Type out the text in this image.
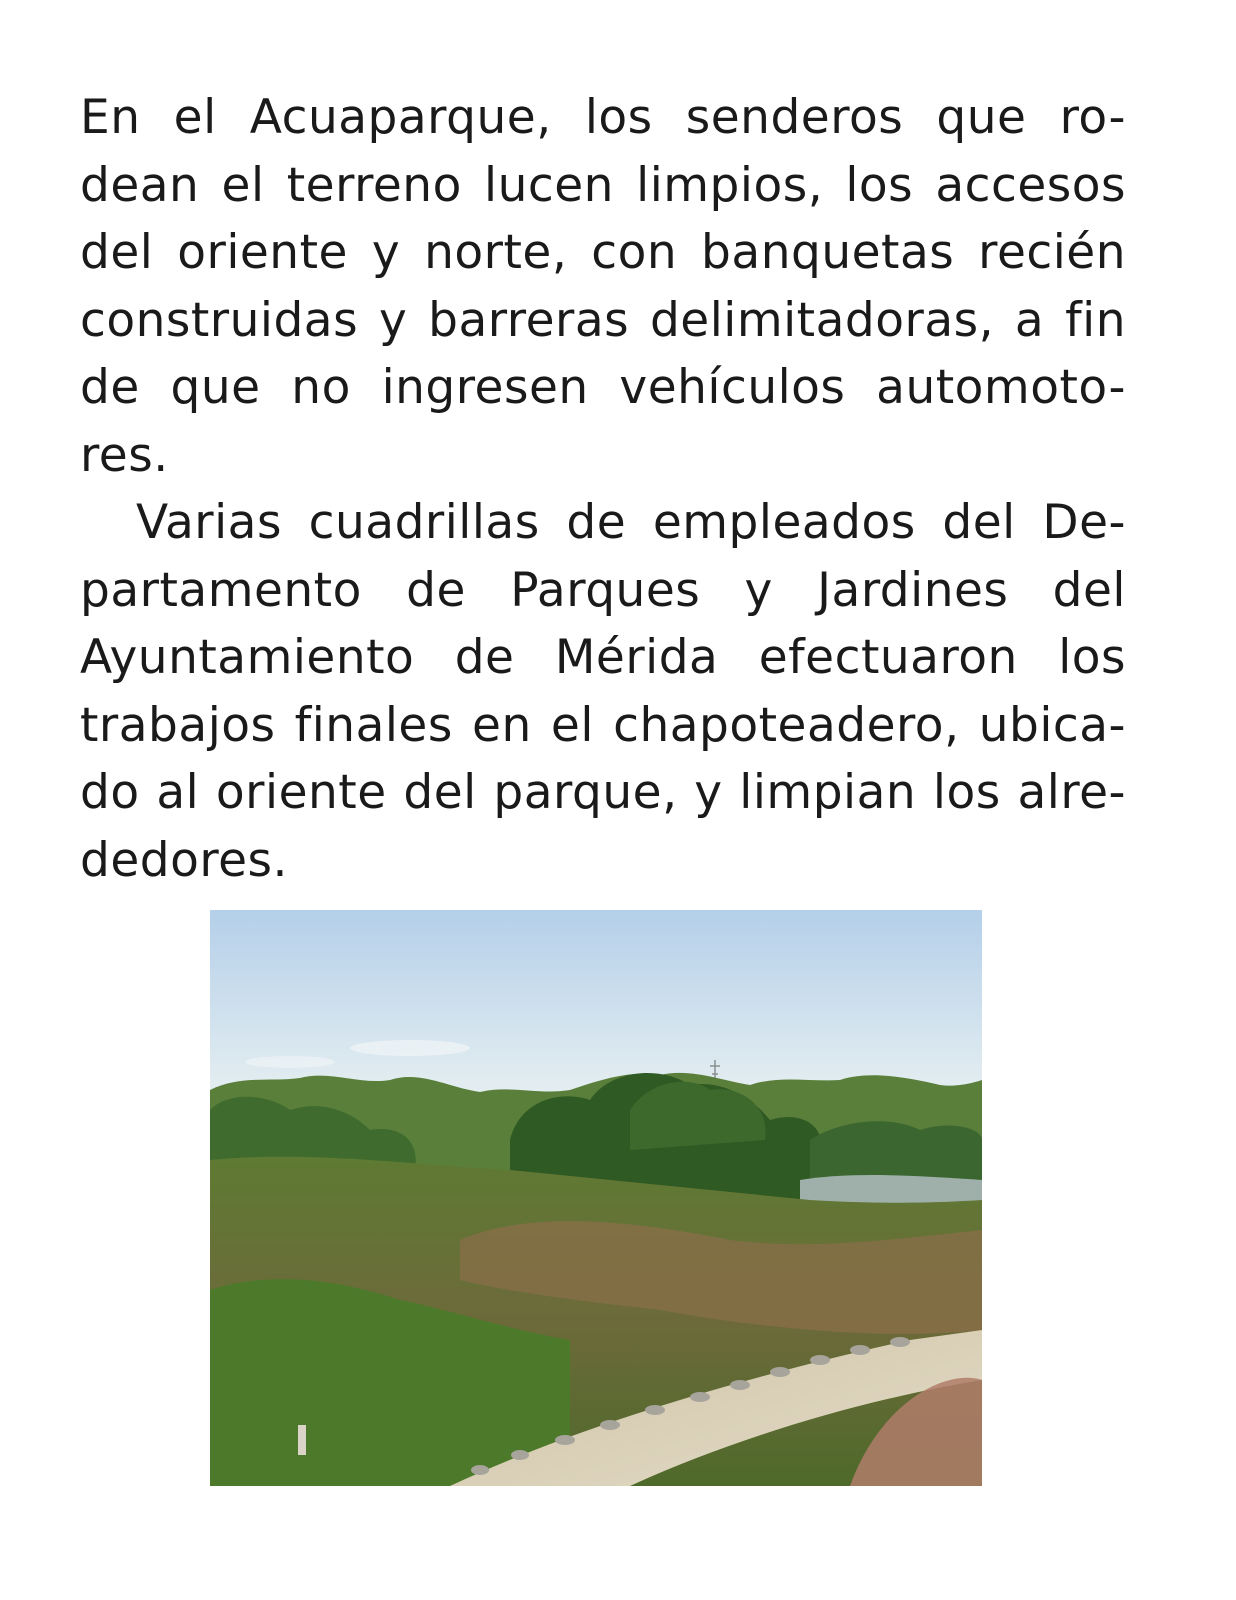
En el Acuaparque, los senderos que ro- dean el terreno lucen limpios, los accesos del oriente y norte, con banquetas recién construidas y barreras delimitadoras, a fin de que no ingresen vehículos automoto- res.

Varias cuadrillas de empleados del De- partamento de Parques y Jardines del Ayuntamiento de Mérida efectuaron los trabajos finales en el chapoteadero, ubica- do al oriente del parque, y limpian los alre- dedores.
